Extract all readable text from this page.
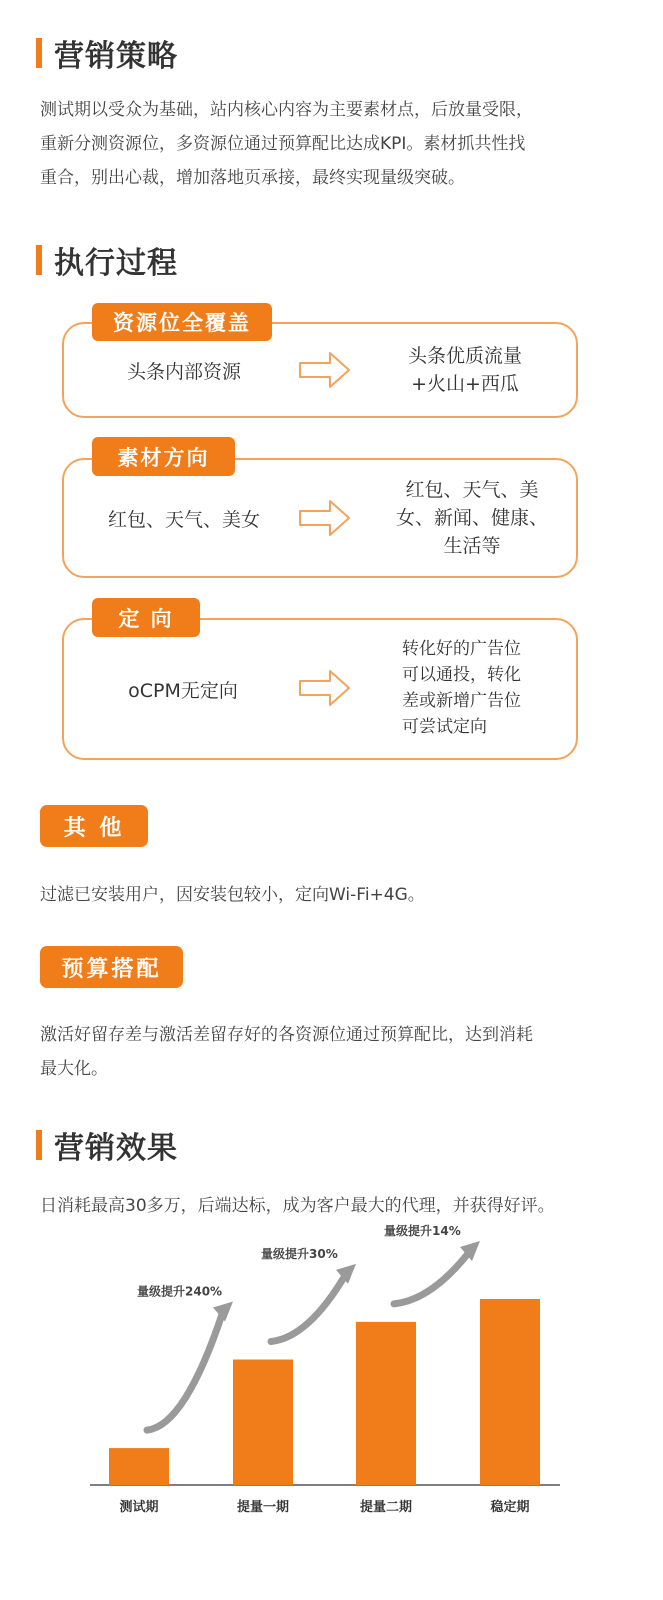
营销策略
测试期以受众为基础，站内核心内容为主要素材点，后放量受限，
重新分测资源位，多资源位通过预算配比达成KPI。素材抓共性找
重合，别出心裁，增加落地页承接，最终实现量级突破。
执行过程
资源位全覆盖
头条内部资源
头条优质流量
+火山+西瓜
素材方向
红包、天气、美女
红包、天气、美
女、新闻、健康、
生活等
定 向
oCPM无定向
转化好的广告位
可以通投，转化
差或新增广告位
可尝试定向
其 他
过滤已安装用户，因安装包较小，定向Wi-Fi+4G。
预算搭配
激活好留存差与激活差留存好的各资源位通过预算配比，达到消耗
最大化。
营销效果
日消耗最高30多万，后端达标，成为客户最大的代理，并获得好评。
测试期	提量一期	提量二期	稳定期
量级提升240%
量级提升30%
量级提升14%
